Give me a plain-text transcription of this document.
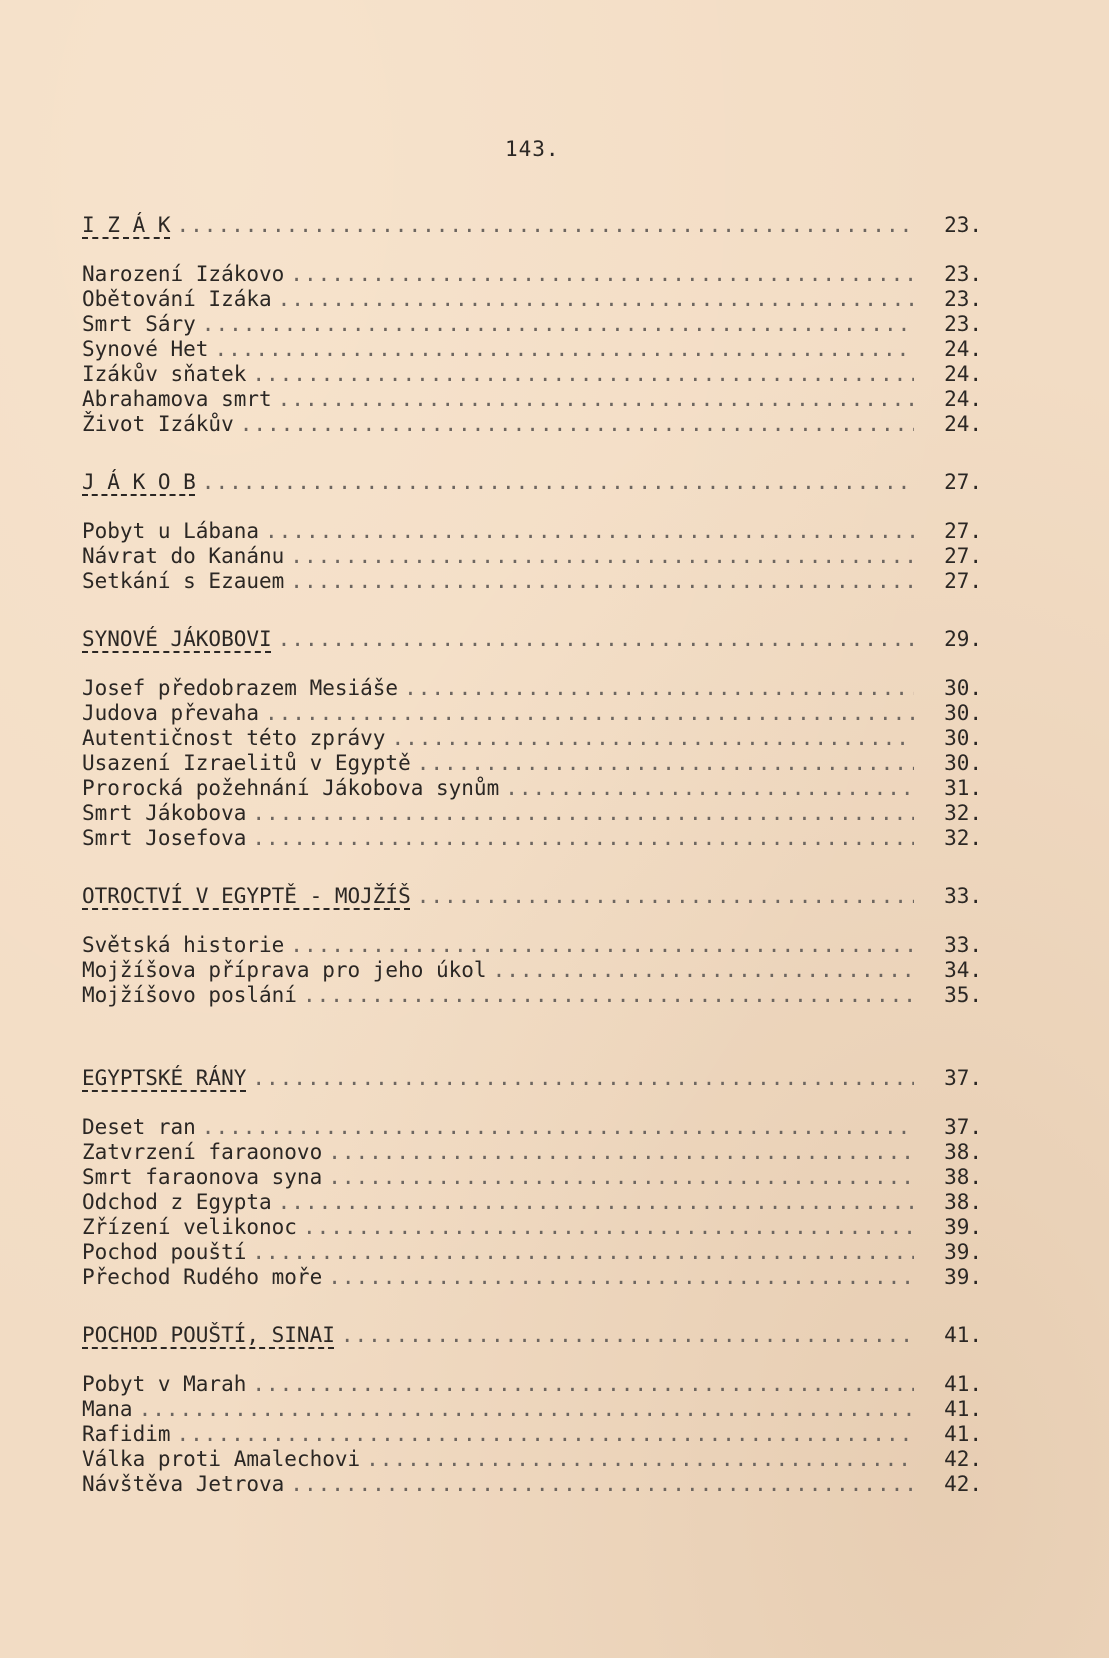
143.
I Z Á K .....	23.
Narození Izákovo .....	23.
Obětování Izáka .....	23.
Smrt Sáry .....	23.
Synové Het .....	24.
Izákův sňatek .....	24.
Abrahamova smrt .....	24.
Život Izákův .....	24.
J Á K O B .....	27.
Pobyt u Lábana .....	27.
Návrat do Kanánu .....	27.
Setkání s Ezauem .....	27.
SYNOVÉ JÁKOBOVI .....	29.
Josef předobrazem Mesiáše .....	30.
Judova převaha .....	30.
Autentičnost této zprávy .....	30.
Usazení Izraelitů v Egyptě .....	30.
Prorocká požehnání Jákobova synům .....	31.
Smrt Jákobova .....	32.
Smrt Josefova .....	32.
OTROCTVÍ V EGYPTĚ - MOJŽÍŠ .....	33.
Světská historie .....	33.
Mojžíšova příprava pro jeho úkol .....	34.
Mojžíšovo poslání .....	35.
EGYPTSKÉ RÁNY .....	37.
Deset ran .....	37.
Zatvrzení faraonovo .....	38.
Smrt faraonova syna .....	38.
Odchod z Egypta .....	38.
Zřízení velikonoc .....	39.
Pochod pouští .....	39.
Přechod Rudého moře .....	39.
POCHOD POUŠTÍ, SINAI .....	41.
Pobyt v Marah .....	41.
Mana .....	41.
Rafidim .....	41.
Válka proti Amalechovi .....	42.
Návštěva Jetrova .....	42.
